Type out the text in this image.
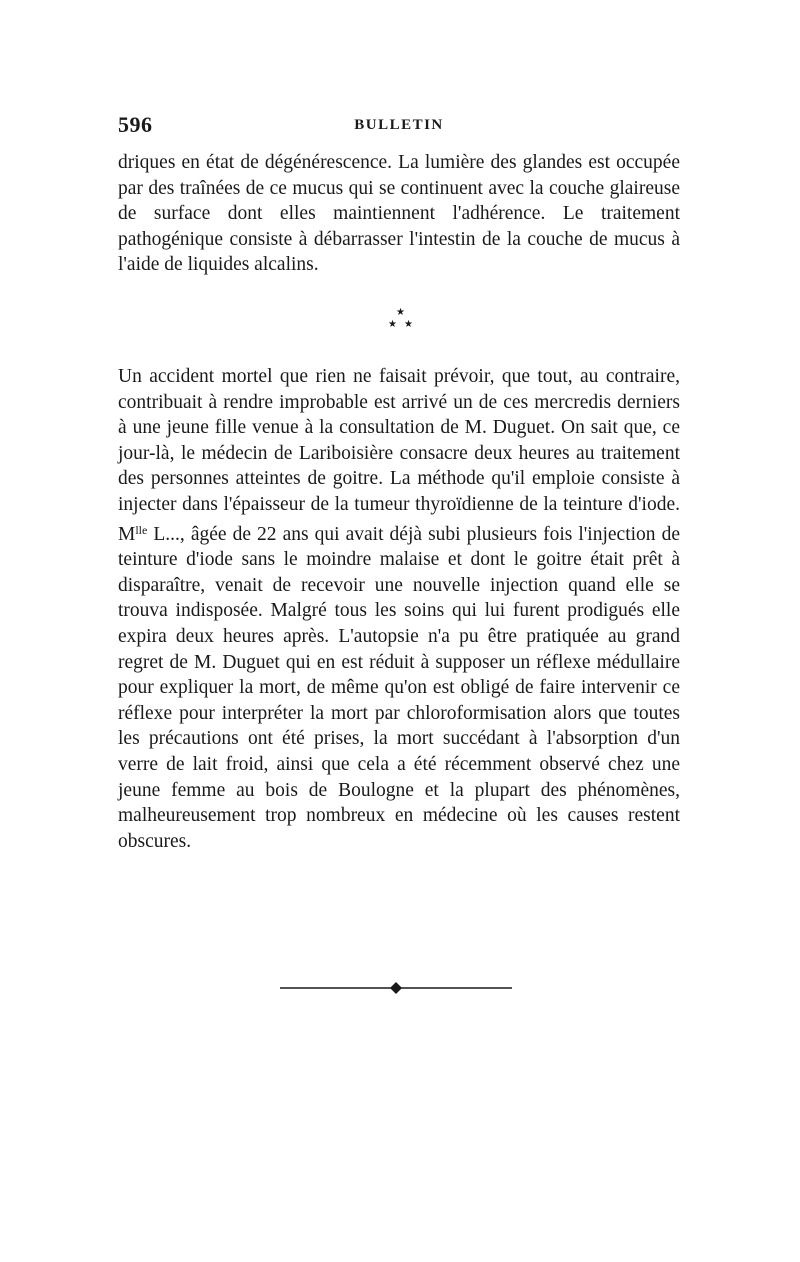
596	BULLETIN

driques en état de dégénérescence. La lumière des glandes est occupée par des traînées de ce mucus qui se continuent avec la couche glaireuse de surface dont elles maintiennent l'adhérence. Le traitement pathogénique consiste à débarrasser l'intestin de la couche de mucus à l'aide de liquides alcalins.

★
★ ★

Un accident mortel que rien ne faisait prévoir, que tout, au contraire, contribuait à rendre improbable est arrivé un de ces mercredis derniers à une jeune fille venue à la consultation de M. Duguet. On sait que, ce jour-là, le médecin de Lariboisière consacre deux heures au traitement des personnes atteintes de goitre. La méthode qu'il emploie consiste à injecter dans l'épaisseur de la tumeur thyroïdienne de la teinture d'iode. $M^{lle}$ L..., âgée de 22 ans qui avait déjà subi plusieurs fois l'injection de teinture d'iode sans le moindre malaise et dont le goitre était prêt à disparaître, venait de recevoir une nouvelle injection quand elle se trouva indisposée. Malgré tous les soins qui lui furent prodigués elle expira deux heures après. L'autopsie n'a pu être pratiquée au grand regret de M. Duguet qui en est réduit à supposer un réflexe médullaire pour expliquer la mort, de même qu'on est obligé de faire intervenir ce réflexe pour interpréter la mort par chloroformisation alors que toutes les précautions ont été prises, la mort succédant à l'absorption d'un verre de lait froid, ainsi que cela a été récemment observé chez une jeune femme au bois de Boulogne et la plupart des phénomènes, malheureusement trop nombreux en médecine où les causes restent obscures.
